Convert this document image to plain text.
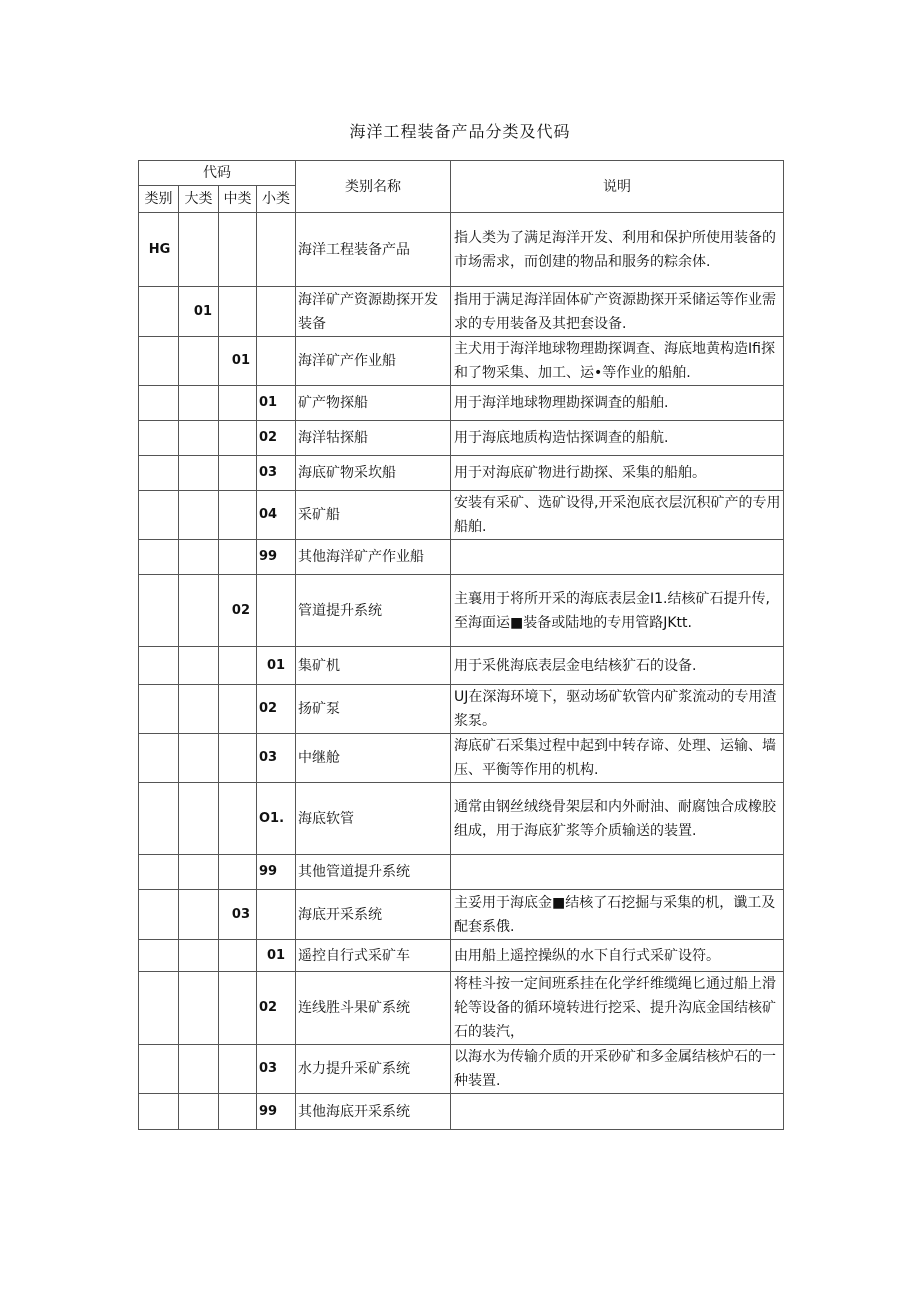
海洋工程装备产品分类及代码
代码				类别名称	说明
类别	大类	中类	小类		
HG				海洋工程装备产品	指人类为了满足海洋开发、利用和保护所使用装备的市场需求，而创建的物品和服务的粽余体.
	01			海洋矿产资源勘探开发装备	指用于满足海洋固体矿产资源勘探开采储运等作业需求的专用装备及其把套设备.
		01		海洋矿产作业船	主犬用于海洋地球物理勘探调查、海底地黄构造Ifi探和了物采集、加工、运•等作业的船舶.
			01	矿产物探船	用于海洋地球物理勘探调査的船舶.
			02	海洋牯探船	用于海底地质构造怙探调查的船航.
			03	海底矿物采坎船	用于对海底矿物进行勘探、采集的船舶。
			04	采矿船	安装有采矿、选矿设得,开采泡底衣层沉积矿产的专用船舶.
			99	其他海洋矿产作业船	
		02		管道提升系统	主襄用于将所开采的海底表层金I1.结核矿石提升传,至海面运■装备或陆地的专用管路JKtt.
			01	集矿机	用于采佻海底表层金电结核犷石的设备.
			02	扬矿泵	UJ在深海环境下，驱动场矿软管内矿浆流动的专用渣浆泵。
			03	中继舱	海底矿石采集过程中起到中转存谛、处理、运输、墙压、平衡等作用的机构.
			O1.	海底软管	通常由钢丝绒绕骨架层和内外耐油、耐腐蚀合成橡胶组成，用于海底犷浆等介质输送的装置.
			99	其他管道提升系统	
		03		海底开采系统	主妥用于海底金■结核了石挖掘与采集的机，谶工及配套系俄.
			01	遥控自行式采矿车	由用船上遥控操纵的水下自行式采矿设符。
			02	连线胜斗果矿系统	将桂斗按一定间班系挂在化学纤维缆绳匕通过船上滑轮等设备的循环境转进行挖采、提升沟底金国结核矿石的装汽，
			03	水力提升采矿系统	以海水为传输介质的开采砂矿和多金属结核炉石的一种装置.
			99	其他海底开采系统	
